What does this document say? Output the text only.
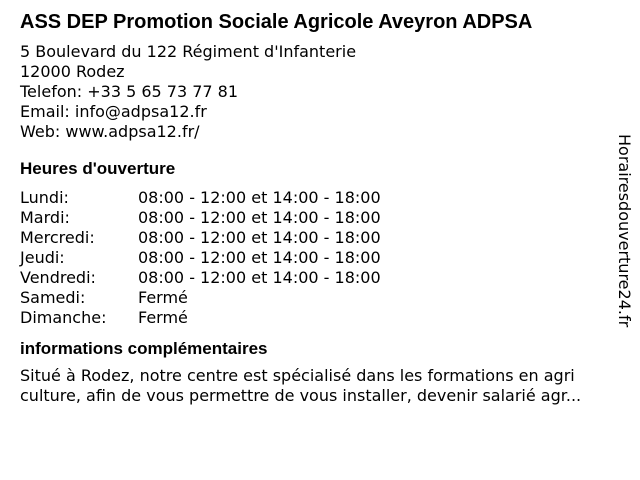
ASS DEP Promotion Sociale Agricole Aveyron ADPSA
5 Boulevard du 122 Régiment d'Infanterie
12000 Rodez
Telefon: +33 5 65 73 77 81
Email: info@adpsa12.fr
Web: www.adpsa12.fr/
Heures d'ouverture
Lundi:	08:00 - 12:00 et 14:00 - 18:00
Mardi:	08:00 - 12:00 et 14:00 - 18:00
Mercredi:	08:00 - 12:00 et 14:00 - 18:00
Jeudi:	08:00 - 12:00 et 14:00 - 18:00
Vendredi:	08:00 - 12:00 et 14:00 - 18:00
Samedi:	Fermé
Dimanche:	Fermé
informations complémentaires
Situé à Rodez, notre centre est spécialisé dans les formations en agri
culture, afin de vous permettre de vous installer, devenir salarié agr...
Horairesdouverture24.fr
